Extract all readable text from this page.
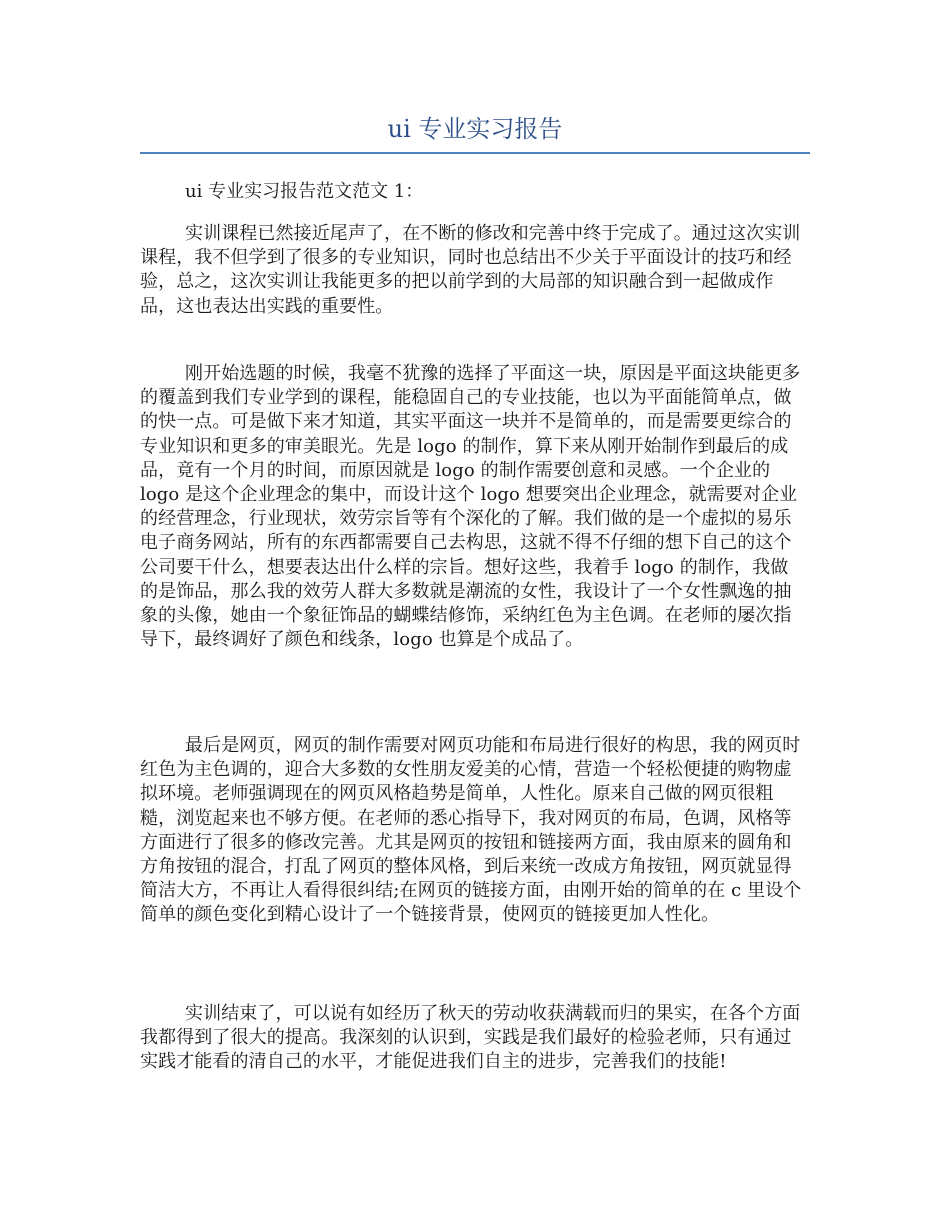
ui 专业实习报告

ui 专业实习报告范文范文 1：

实训课程已然接近尾声了，在不断的修改和完善中终于完成了。通过这次实训课程，我不但学到了很多的专业知识，同时也总结出不少关于平面设计的技巧和经验，总之，这次实训让我能更多的把以前学到的大局部的知识融合到一起做成作品，这也表达出实践的重要性。

刚开始选题的时候，我毫不犹豫的选择了平面这一块，原因是平面这块能更多的覆盖到我们专业学到的课程，能稳固自己的专业技能，也以为平面能简单点，做的快一点。可是做下来才知道，其实平面这一块并不是简单的，而是需要更综合的专业知识和更多的审美眼光。先是 logo 的制作，算下来从刚开始制作到最后的成品，竟有一个月的时间，而原因就是 logo 的制作需要创意和灵感。一个企业的 logo 是这个企业理念的集中，而设计这个 logo 想要突出企业理念，就需要对企业的经营理念，行业现状，效劳宗旨等有个深化的了解。我们做的是一个虚拟的易乐电子商务网站，所有的东西都需要自己去构思，这就不得不仔细的想下自己的这个公司要干什么，想要表达出什么样的宗旨。想好这些，我着手 logo 的制作，我做的是饰品，那么我的效劳人群大多数就是潮流的女性，我设计了一个女性飘逸的抽象的头像，她由一个象征饰品的蝴蝶结修饰，采纳红色为主色调。在老师的屡次指导下，最终调好了颜色和线条，logo 也算是个成品了。

最后是网页，网页的制作需要对网页功能和布局进行很好的构思，我的网页时红色为主色调的，迎合大多数的女性朋友爱美的心情，营造一个轻松便捷的购物虚拟环境。老师强调现在的网页风格趋势是简单，人性化。原来自己做的网页很粗糙，浏览起来也不够方便。在老师的悉心指导下，我对网页的布局，色调，风格等方面进行了很多的修改完善。尤其是网页的按钮和链接两方面，我由原来的圆角和方角按钮的混合，打乱了网页的整体风格，到后来统一改成方角按钮，网页就显得简洁大方，不再让人看得很纠结;在网页的链接方面，由刚开始的简单的在 c 里设个简单的颜色变化到精心设计了一个链接背景，使网页的链接更加人性化。

实训结束了，可以说有如经历了秋天的劳动收获满载而归的果实，在各个方面我都得到了很大的提高。我深刻的认识到，实践是我们最好的检验老师，只有通过实践才能看的清自己的水平，才能促进我们自主的进步，完善我们的技能!
